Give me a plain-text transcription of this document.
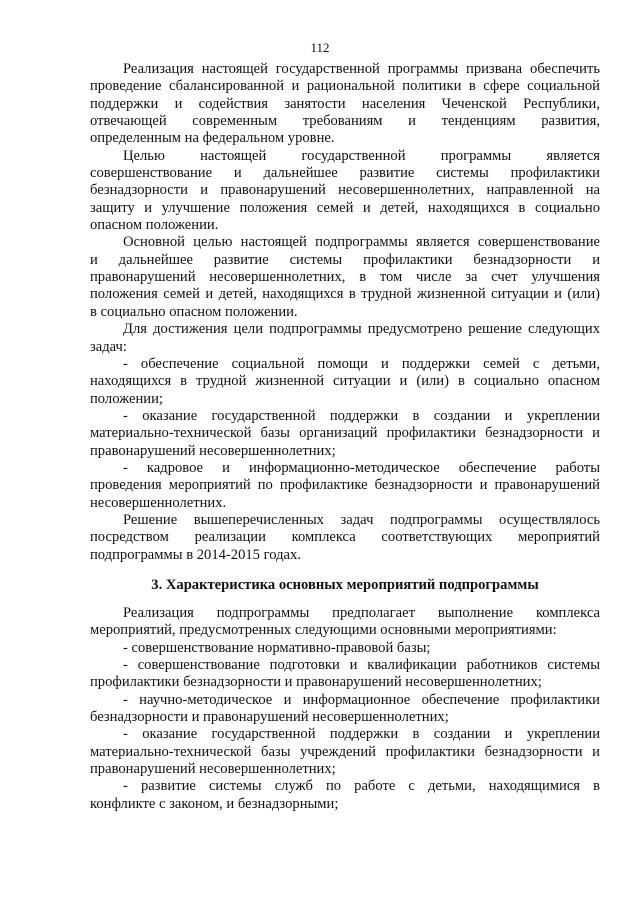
112
Реализация настоящей государственной программы призвана обеспечить
проведение сбалансированной и рациональной политики в сфере социальной
поддержки и содействия занятости населения Чеченской Республики,
отвечающей современным требованиям и тенденциям развития,
определенным на федеральном уровне.
Целью настоящей государственной программы является
совершенствование и дальнейшее развитие системы профилактики
безнадзорности и правонарушений несовершеннолетних, направленной на
защиту и улучшение положения семей и детей, находящихся в социально
опасном положении.
Основной целью настоящей подпрограммы является совершенствование
и дальнейшее развитие системы профилактики безнадзорности и
правонарушений несовершеннолетних, в том числе за счет улучшения
положения семей и детей, находящихся в трудной жизненной ситуации и (или)
в социально опасном положении.
Для достижения цели подпрограммы предусмотрено решение следующих
задач:
- обеспечение социальной помощи и поддержки семей с детьми,
находящихся в трудной жизненной ситуации и (или) в социально опасном
положении;
- оказание государственной поддержки в создании и укреплении
материально-технической базы организаций профилактики безнадзорности и
правонарушений несовершеннолетних;
- кадровое и информационно-методическое обеспечение работы
проведения мероприятий по профилактике безнадзорности и правонарушений
несовершеннолетних.
Решение вышеперечисленных задач подпрограммы осуществлялось
посредством реализации комплекса соответствующих мероприятий
подпрограммы в 2014-2015 годах.
3. Характеристика основных мероприятий подпрограммы
Реализация подпрограммы предполагает выполнение комплекса
мероприятий, предусмотренных следующими основными мероприятиями:
- совершенствование нормативно-правовой базы;
- совершенствование подготовки и квалификации работников системы
профилактики безнадзорности и правонарушений несовершеннолетних;
- научно-методическое и информационное обеспечение профилактики
безнадзорности и правонарушений несовершеннолетних;
- оказание государственной поддержки в создании и укреплении
материально-технической базы учреждений профилактики безнадзорности и
правонарушений несовершеннолетних;
- развитие системы служб по работе с детьми, находящимися в
конфликте с законом, и безнадзорными;
